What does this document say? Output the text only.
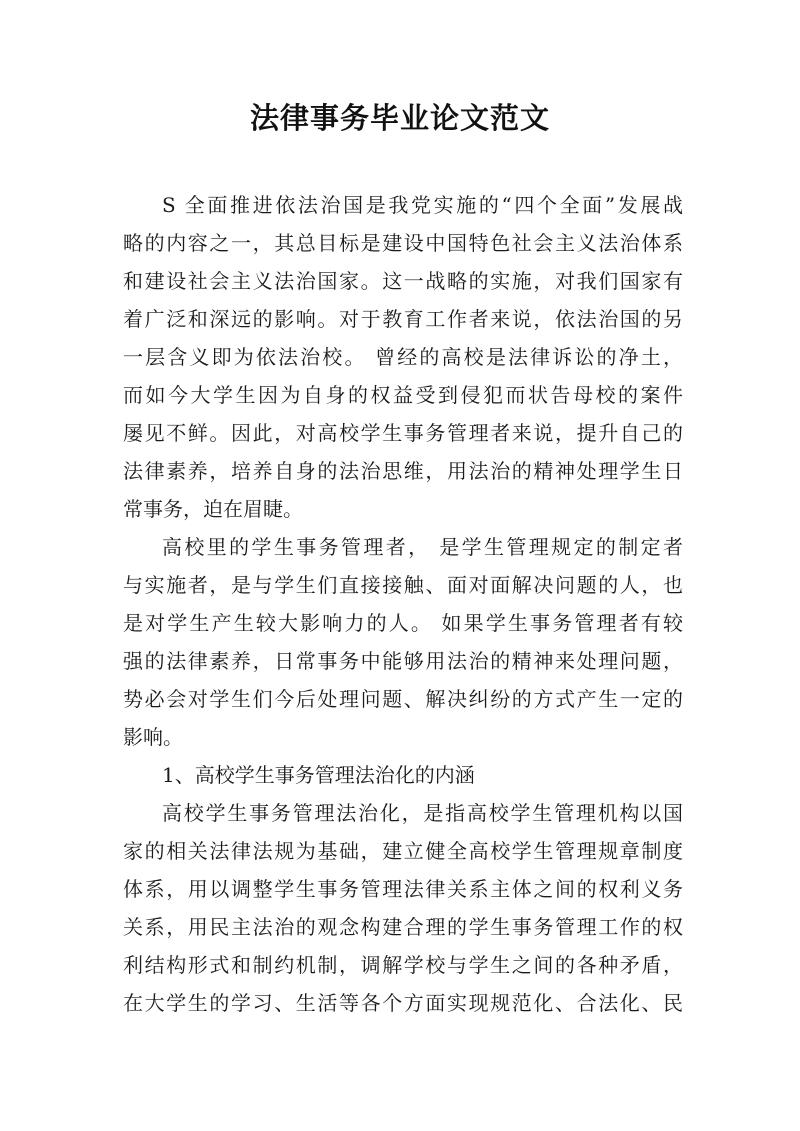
法律事务毕业论文范文
S 全面推进依法治国是我党实施的“四个全面”发展战
略的内容之一，其总目标是建设中国特色社会主义法治体系
和建设社会主义法治国家。这一战略的实施，对我们国家有
着广泛和深远的影响。对于教育工作者来说，依法治国的另
一层含义即为依法治校。 曾经的高校是法律诉讼的净土，
而如今大学生因为自身的权益受到侵犯而状告母校的案件
屡见不鲜。因此，对高校学生事务管理者来说，提升自己的
法律素养，培养自身的法治思维，用法治的精神处理学生日
常事务，迫在眉睫。
高校里的学生事务管理者， 是学生管理规定的制定者
与实施者，是与学生们直接接触、面对面解决问题的人，也
是对学生产生较大影响力的人。 如果学生事务管理者有较
强的法律素养，日常事务中能够用法治的精神来处理问题，
势必会对学生们今后处理问题、解决纠纷的方式产生一定的
影响。
1、高校学生事务管理法治化的内涵
高校学生事务管理法治化，是指高校学生管理机构以国
家的相关法律法规为基础，建立健全高校学生管理规章制度
体系，用以调整学生事务管理法律关系主体之间的权利义务
关系，用民主法治的观念构建合理的学生事务管理工作的权
利结构形式和制约机制，调解学校与学生之间的各种矛盾，
在大学生的学习、生活等各个方面实现规范化、合法化、民
